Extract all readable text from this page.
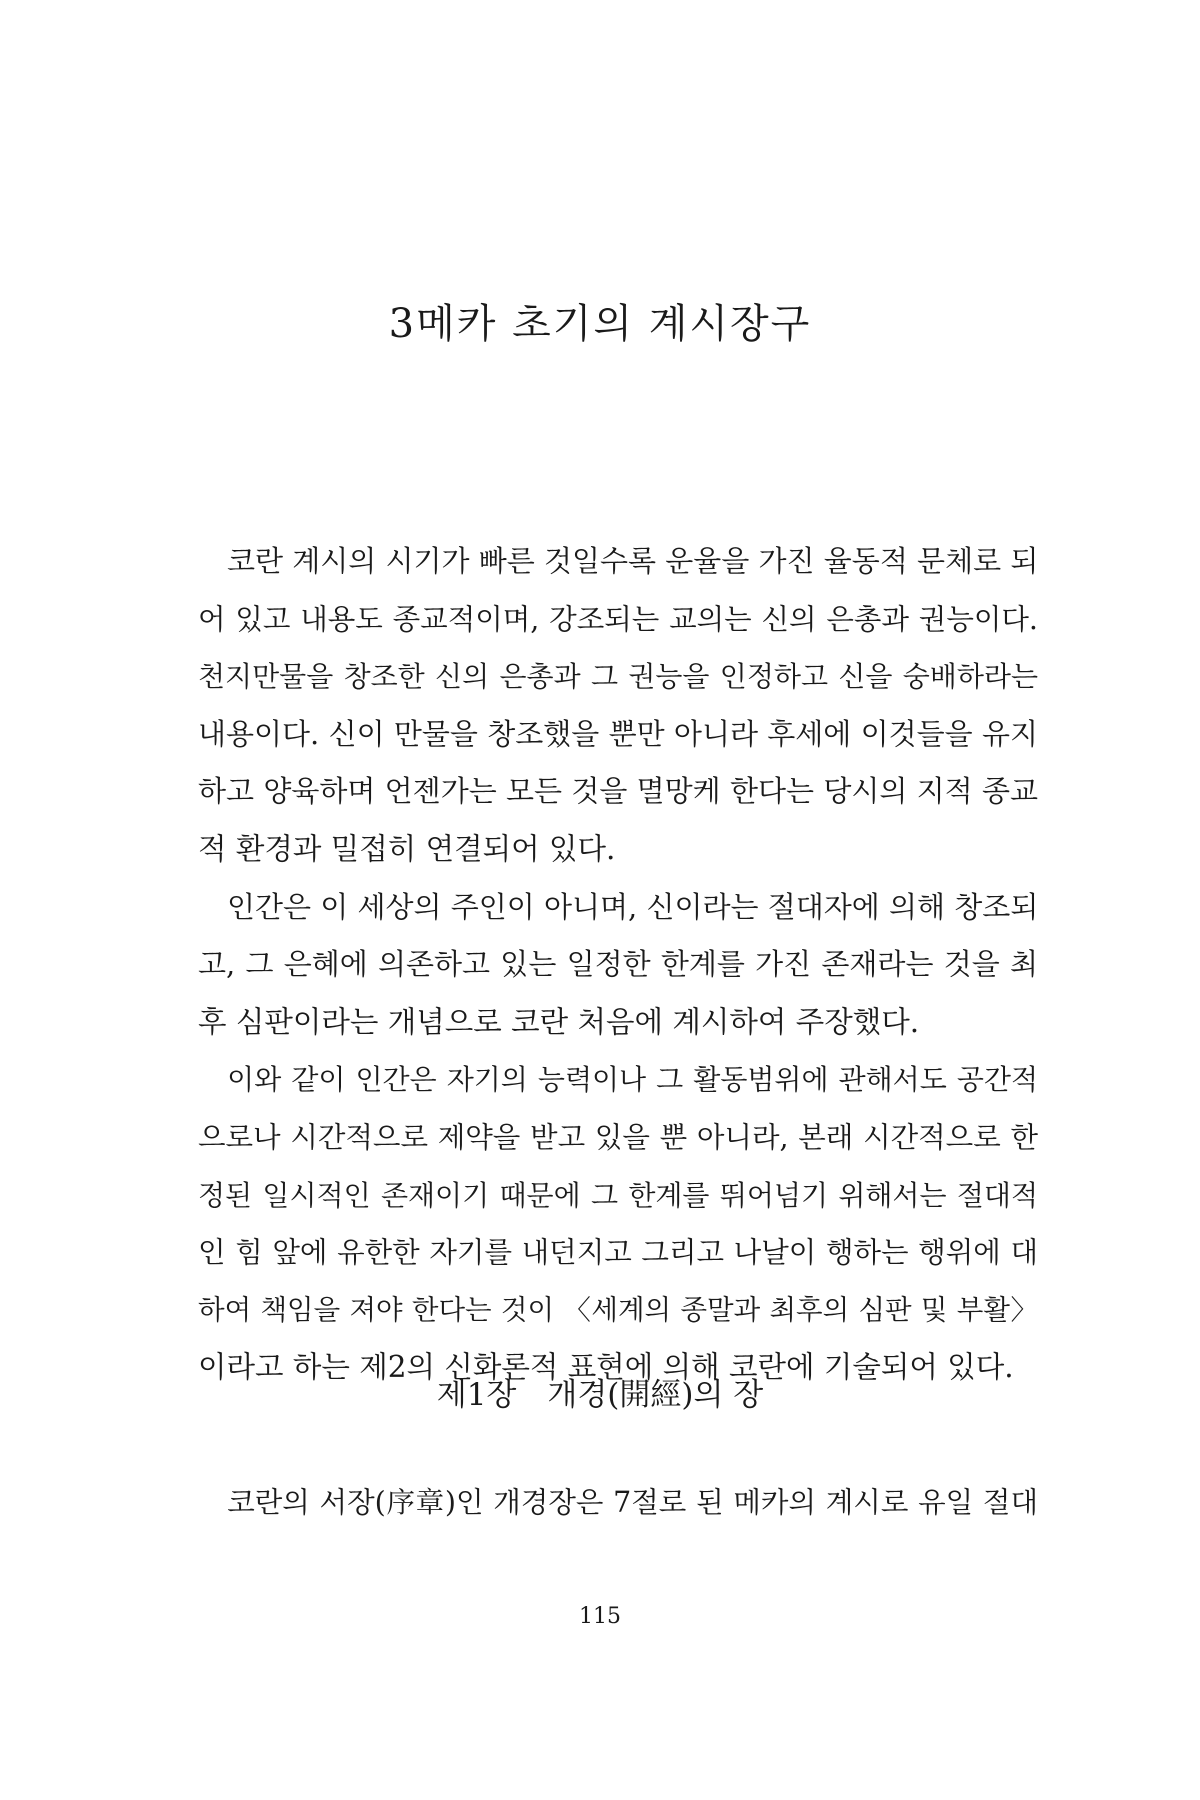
3메카 초기의 계시장구

　코란 계시의 시기가 빠른 것일수록 운율을 가진 율동적 문체로 되
어 있고 내용도 종교적이며, 강조되는 교의는 신의 은총과 권능이다.
천지만물을 창조한 신의 은총과 그 권능을 인정하고 신을 숭배하라는
내용이다. 신이 만물을 창조했을 뿐만 아니라 후세에 이것들을 유지
하고 양육하며 언젠가는 모든 것을 멸망케 한다는 당시의 지적 종교
적 환경과 밀접히 연결되어 있다.

　인간은 이 세상의 주인이 아니며, 신이라는 절대자에 의해 창조되
고, 그 은혜에 의존하고 있는 일정한 한계를 가진 존재라는 것을 최
후 심판이라는 개념으로 코란 처음에 계시하여 주장했다.

　이와 같이 인간은 자기의 능력이나 그 활동범위에 관해서도 공간적
으로나 시간적으로 제약을 받고 있을 뿐 아니라, 본래 시간적으로 한
정된 일시적인 존재이기 때문에 그 한계를 뛰어넘기 위해서는 절대적
인 힘 앞에 유한한 자기를 내던지고 그리고 나날이 행하는 행위에 대
하여 책임을 져야 한다는 것이 〈세계의 종말과 최후의 심판 및 부활〉
이라고 하는 제2의 신화론적 표현에 의해 코란에 기술되어 있다.

제1장　개경(開經)의 장

　코란의 서장(序章)인 개경장은 7절로 된 메카의 계시로 유일 절대

115
